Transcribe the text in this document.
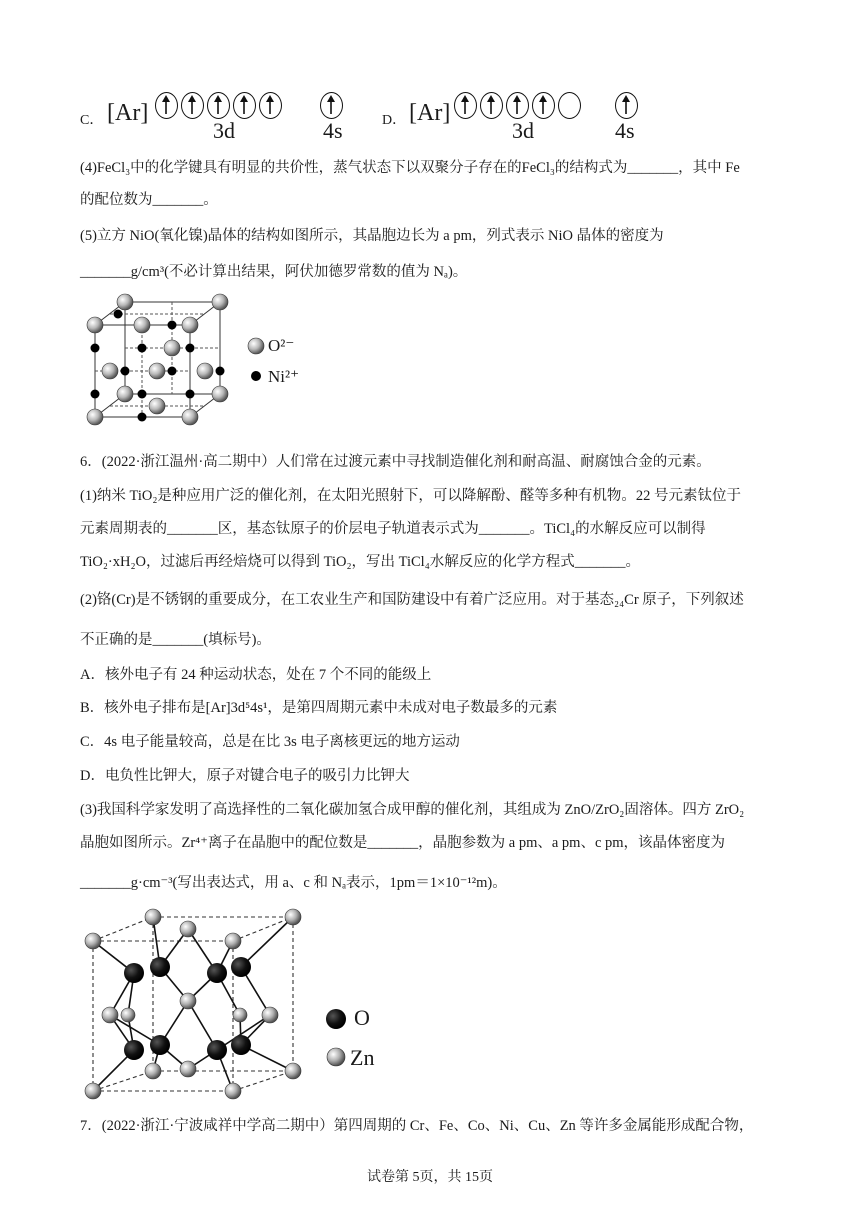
C． [Ar]
3d	4s	D． [Ar]
3d	4s
(4)FeCl₃中的化学键具有明显的共价性，蒸气状态下以双聚分子存在的FeCl₃的结构式为_______，其中 Fe
的配位数为_______。
(5)立方 NiO(氧化镍)晶体的结构如图所示，其晶胞边长为 a pm，列式表示 NiO 晶体的密度为
_______g/cm³(不必计算出结果，阿伏加德罗常数的值为 Nₐ)。
O²⁻
Ni²⁺
6．(2022·浙江温州·高二期中）人们常在过渡元素中寻找制造催化剂和耐高温、耐腐蚀合金的元素。
(1)纳米 TiO₂是种应用广泛的催化剂，在太阳光照射下，可以降解酚、醛等多种有机物。22 号元素钛位于
元素周期表的_______区，基态钛原子的价层电子轨道表示式为_______。TiCl₄的水解反应可以制得
TiO₂·xH₂O，过滤后再经焙烧可以得到 TiO₂，写出 TiCl₄水解反应的化学方程式_______。
(2)铬(Cr)是不锈钢的重要成分，在工农业生产和国防建设中有着广泛应用。对于基态₂₄Cr 原子，下列叙述
不正确的是_______(填标号)。
A．核外电子有 24 种运动状态，处在 7 个不同的能级上
B．核外电子排布是[Ar]3d⁵4s¹，是第四周期元素中未成对电子数最多的元素
C．4s 电子能量较高，总是在比 3s 电子离核更远的地方运动
D．电负性比钾大，原子对键合电子的吸引力比钾大
(3)我国科学家发明了高选择性的二氧化碳加氢合成甲醇的催化剂，其组成为 ZnO/ZrO₂固溶体。四方 ZrO₂
晶胞如图所示。Zr⁴⁺离子在晶胞中的配位数是_______，晶胞参数为 a pm、a pm、c pm，该晶体密度为
_______g·cm⁻³(写出表达式，用 a、c 和 Nₐ表示，1pm＝1×10⁻¹²m)。
O
Zn
7．(2022·浙江·宁波咸祥中学高二期中）第四周期的 Cr、Fe、Co、Ni、Cu、Zn 等许多金属能形成配合物，
试卷第 5页，共 15页
